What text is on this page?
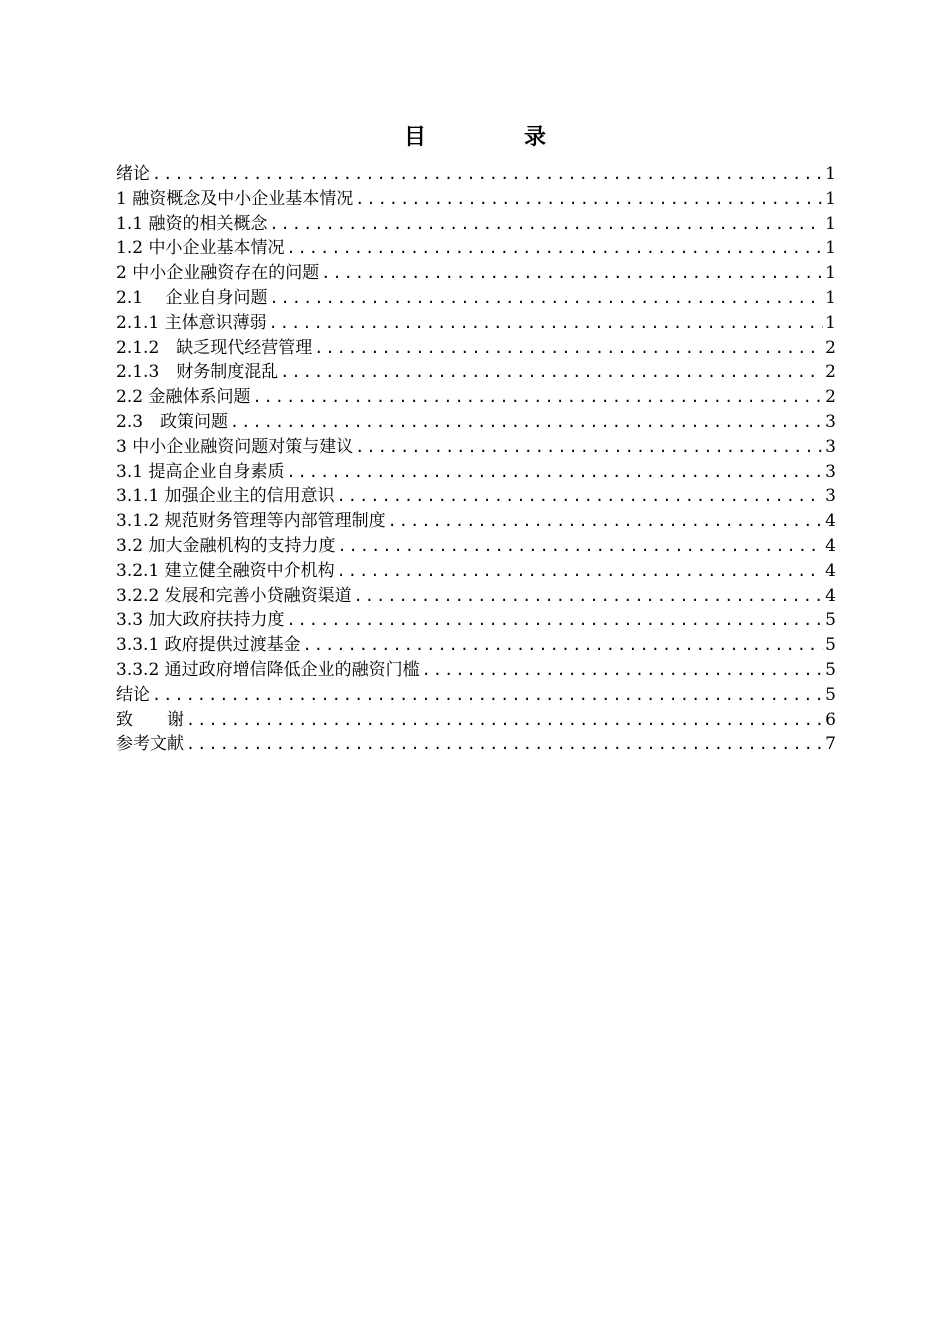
目　录
绪论 .....	1
1 融资概念及中小企业基本情况 .....	1
1.1 融资的相关概念 .....	1
1.2 中小企业基本情况 .....	1
2 中小企业融资存在的问题 .....	1
2.1　 企业自身问题 .....	1
2.1.1 主体意识薄弱 .....	1
2.1.2　缺乏现代经营管理 .....	2
2.1.3　财务制度混乱 .....	2
2.2 金融体系问题 .....	2
2.3　政策问题 .....	3
3 中小企业融资问题对策与建议 .....	3
3.1 提高企业自身素质 .....	3
3.1.1 加强企业主的信用意识 .....	3
3.1.2 规范财务管理等内部管理制度 .....	4
3.2 加大金融机构的支持力度 .....	4
3.2.1 建立健全融资中介机构 .....	4
3.2.2 发展和完善小贷融资渠道 .....	4
3.3 加大政府扶持力度 .....	5
3.3.1 政府提供过渡基金 .....	5
3.3.2 通过政府增信降低企业的融资门槛 .....	5
结论 .....	5
致　　谢 .....	6
参考文献 .....	7
